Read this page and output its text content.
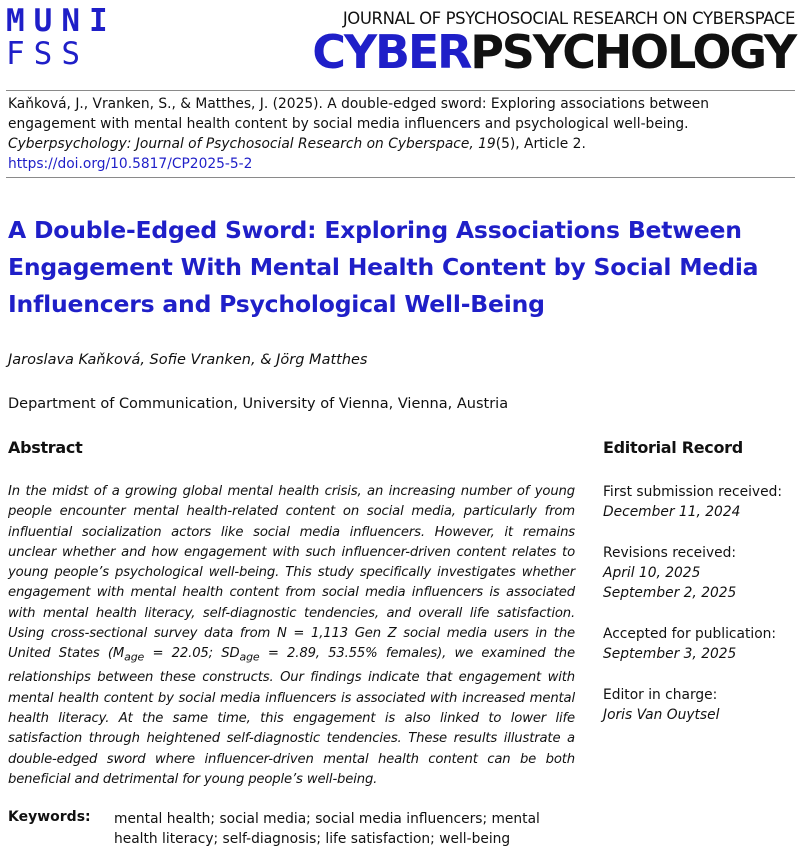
MUNI
FSS
JOURNAL OF PSYCHOSOCIAL RESEARCH ON CYBERSPACE
CYBERPSYCHOLOGY
Kaňková, J., Vranken, S., & Matthes, J. (2025). A double-edged sword: Exploring associations between engagement with mental health content by social media influencers and psychological well-being. Cyberpsychology: Journal of Psychosocial Research on Cyberspace, 19(5), Article 2.
https://doi.org/10.5817/CP2025-5-2
A Double-Edged Sword: Exploring Associations Between Engagement With Mental Health Content by Social Media Influencers and Psychological Well-Being
Jaroslava Kaňková, Sofie Vranken, & Jörg Matthes
Department of Communication, University of Vienna, Vienna, Austria
Abstract	Editorial Record
In the midst of a growing global mental health crisis, an increasing number of young people encounter mental health-related content on social media, particularly from influential socialization actors like social media influencers. However, it remains unclear whether and how engagement with such influencer-driven content relates to young people’s psychological well-being. This study specifically investigates whether engagement with mental health content from social media influencers is associated with mental health literacy, self-diagnostic tendencies, and overall life satisfaction. Using cross-sectional survey data from N = 1,113 Gen Z social media users in the United States ($M_{age} = 22.05$; $SD_{age} = 2.89$, 53.55% females), we examined the relationships between these constructs. Our findings indicate that engagement with mental health content by social media influencers is associated with increased mental health literacy. At the same time, this engagement is also linked to lower life satisfaction through heightened self-diagnostic tendencies. These results illustrate a double-edged sword where influencer-driven mental health content can be both beneficial and detrimental for young people’s well-being.
First submission received:
December 11, 2024
Revisions received:
April 10, 2025
September 2, 2025
Accepted for publication:
September 3, 2025
Editor in charge:
Joris Van Ouytsel
Keywords: mental health; social media; social media influencers; mental health literacy; self-diagnosis; life satisfaction; well-being
